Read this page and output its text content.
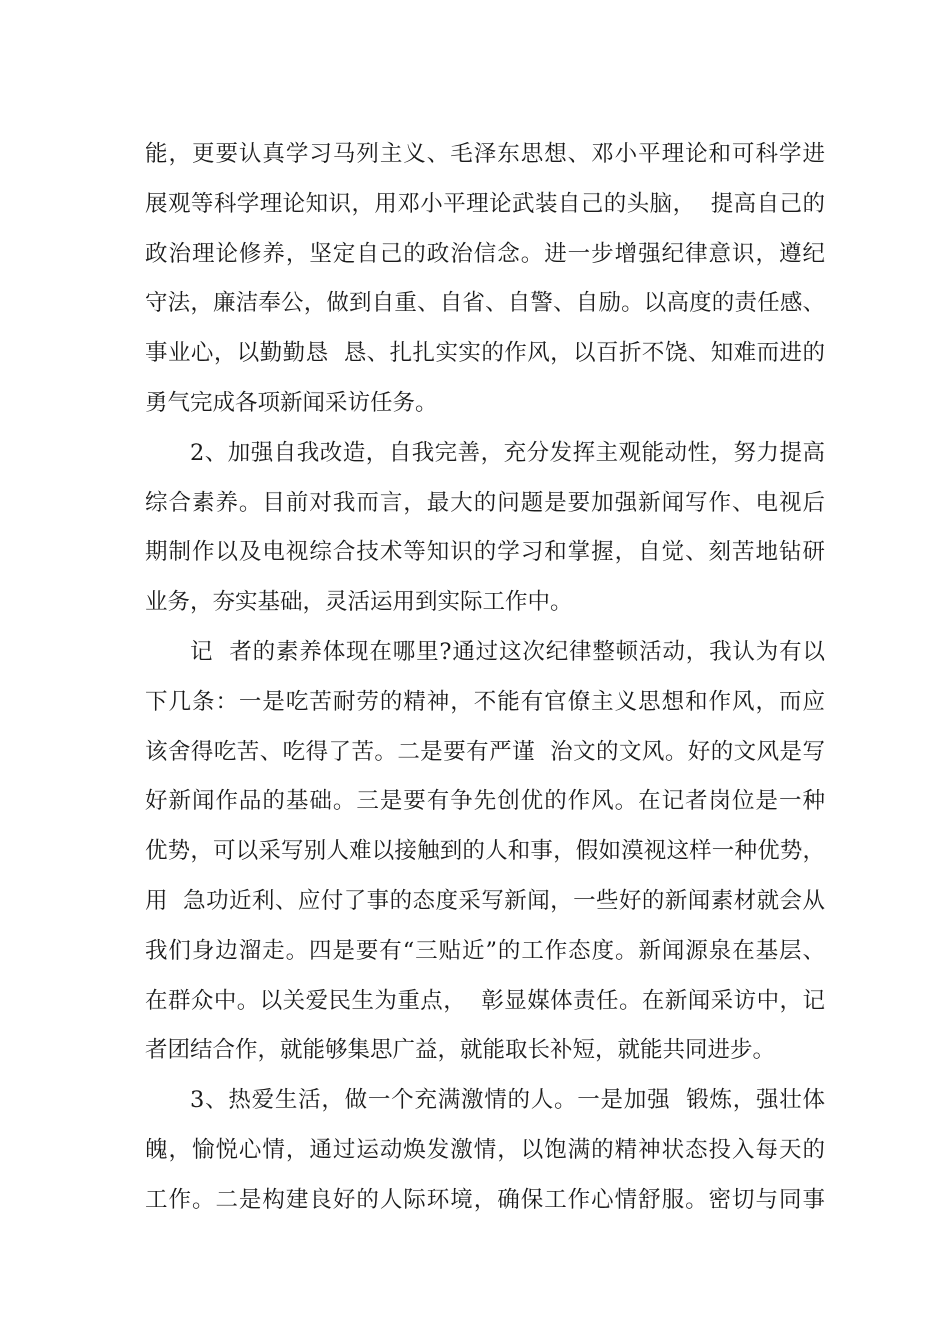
能，更要认真学习马列主义、毛泽东思想、邓小平理论和可科学进
展观等科学理论知识，用邓小平理论武装自己的头脑，  提高自己的
政治理论修养，坚定自己的政治信念。进一步增强纪律意识，遵纪
守法，廉洁奉公，做到自重、自省、自警、自励。以高度的责任感、
事业心，以勤勤恳  恳、扎扎实实的作风，以百折不饶、知难而进的
勇气完成各项新闻采访任务。
2、加强自我改造，自我完善，充分发挥主观能动性，努力提高
综合素养。目前对我而言，最大的问题是要加强新闻写作、电视后
期制作以及电视综合技术等知识的学习和掌握，自觉、刻苦地钻研
业务，夯实基础，灵活运用到实际工作中。
记  者的素养体现在哪里?通过这次纪律整顿活动，我认为有以
下几条：一是吃苦耐劳的精神，不能有官僚主义思想和作风，而应
该舍得吃苦、吃得了苦。二是要有严谨  治文的文风。好的文风是写
好新闻作品的基础。三是要有争先创优的作风。在记者岗位是一种
优势，可以采写别人难以接触到的人和事，假如漠视这样一种优势，
用  急功近利、应付了事的态度采写新闻，一些好的新闻素材就会从
我们身边溜走。四是要有“三贴近”的工作态度。新闻源泉在基层、
在群众中。以关爱民生为重点，  彰显媒体责任。在新闻采访中，记
者团结合作，就能够集思广益，就能取长补短，就能共同进步。
3、热爱生活，做一个充满激情的人。一是加强  锻炼，强壮体
魄，愉悦心情，通过运动焕发激情，以饱满的精神状态投入每天的
工作。二是构建良好的人际环境，确保工作心情舒服。密切与同事
